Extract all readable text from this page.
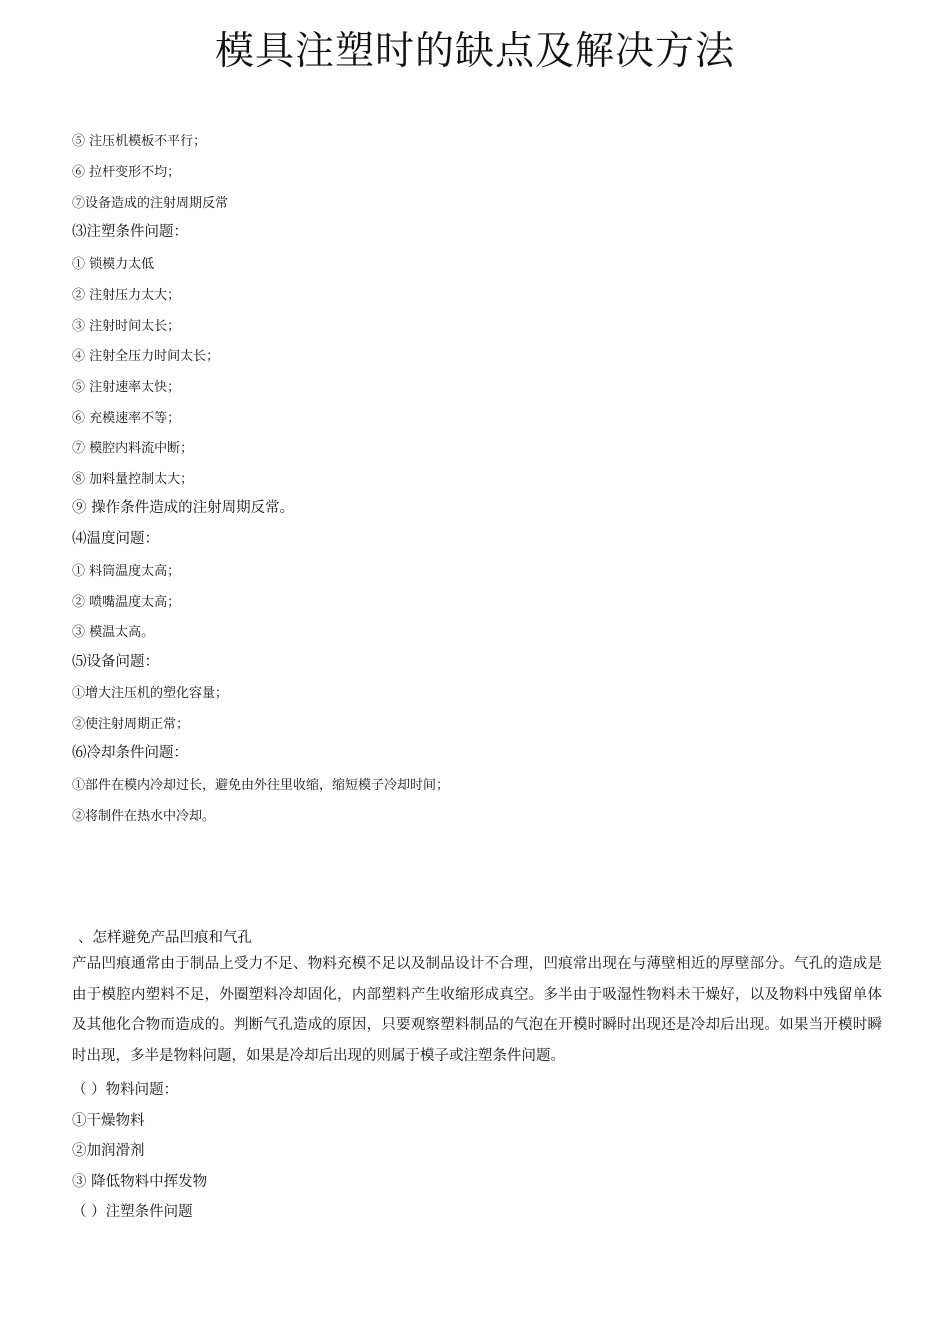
模具注塑时的缺点及解决方法

⑤ 注压机模板不平行；

⑥ 拉杆变形不均；

⑦设备造成的注射周期反常

⑶注塑条件问题：

① 锁模力太低

② 注射压力太大；

③ 注射时间太长；

④ 注射全压力时间太长；

⑤ 注射速率太快；

⑥ 充模速率不等；

⑦ 模腔内料流中断；

⑧ 加料量控制太大；

⑨ 操作条件造成的注射周期反常。

⑷温度问题：

① 料筒温度太高；

② 喷嘴温度太高；

③ 模温太高。

⑸设备问题：

①增大注压机的塑化容量；

②使注射周期正常；

⑹冷却条件问题：

①部件在模内冷却过长，避免由外往里收缩，缩短模子冷却时间；

②将制件在热水中冷却。

、怎样避免产品凹痕和气孔

产品凹痕通常由于制品上受力不足、物料充模不足以及制品设计不合理，凹痕常出现在与薄壁相近的厚壁部分。气孔的造成是由于模腔内塑料不足，外圈塑料冷却固化，内部塑料产生收缩形成真空。多半由于吸湿性物料未干燥好，以及物料中残留单体及其他化合物而造成的。判断气孔造成的原因，只要观察塑料制品的气泡在开模时瞬时出现还是冷却后出现。如果当开模时瞬时出现，多半是物料问题，如果是冷却后出现的则属于模子或注塑条件问题。

（ ）物料问题：

①干燥物料

②加润滑剂

③ 降低物料中挥发物

（ ）注塑条件问题
